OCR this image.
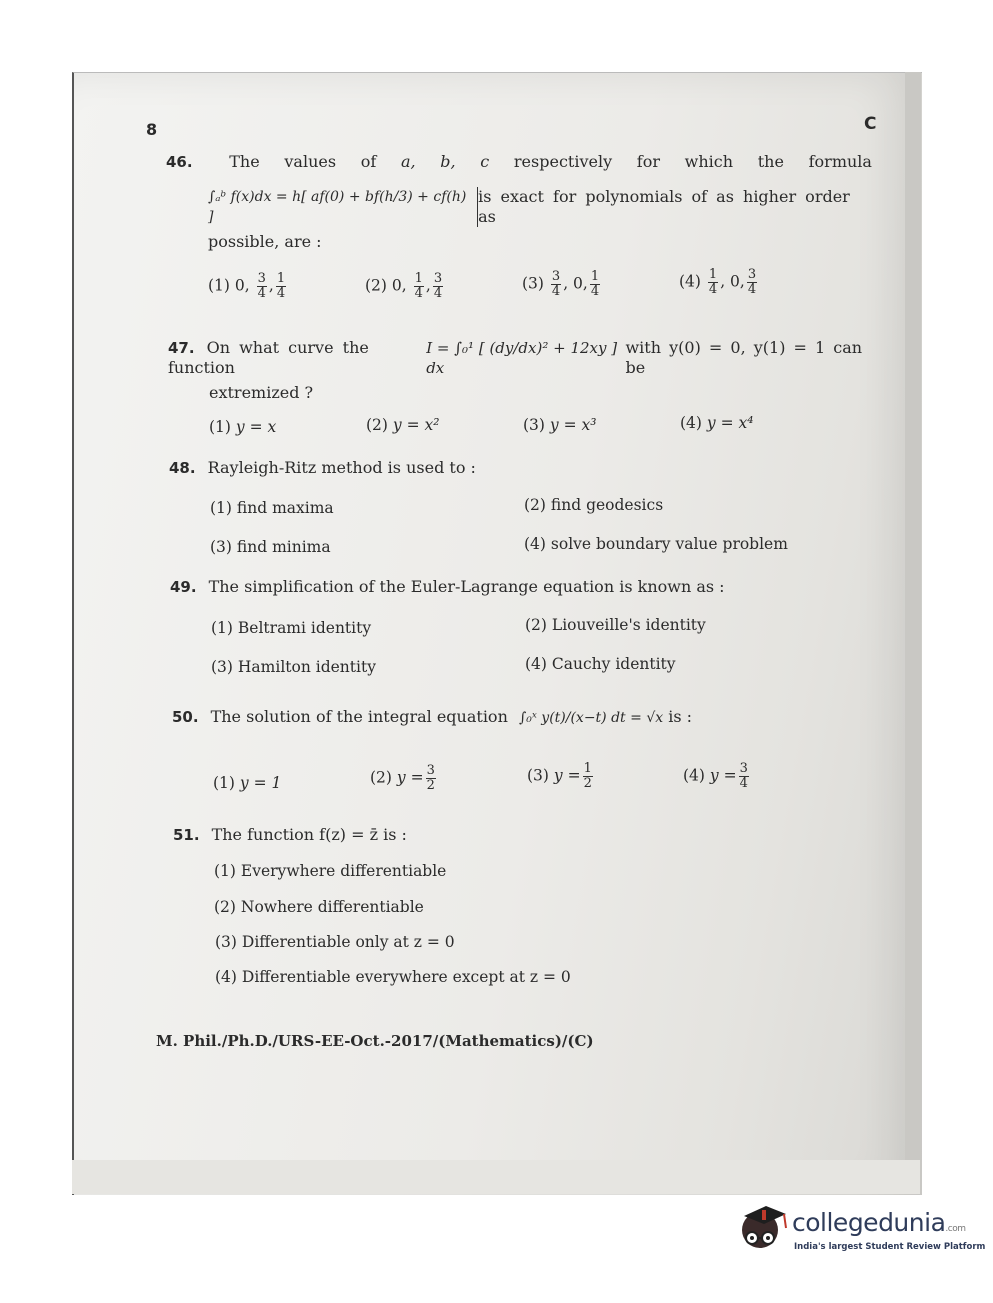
8	C
46. The values of a, b, c respectively for which the formula
∫ₐᵇ f(x)dx = h[ af(0) + bf(h/3) + cf(h) ]
is exact for polynomials of as higher order as
possible, are :
(1) 0, $\frac{3}{4}$ , $\frac{1}{4}$	(2) 0, $\frac{1}{4}$ , $\frac{3}{4}$	$(3) \frac{3}{4}$ , 0, $\frac{1}{4}$	$(4) \frac{1}{4}$ , 0, $\frac{3}{4}$
47. On what curve the function
I = ∫₀¹ [ (dy/dx)² + 12xy ] dx
with y(0) = 0, y(1) = 1 can be
extremized ?
(1) y = x	(2) y = x²	(3) y = x³	(4) y = x⁴
48. Rayleigh-Ritz method is used to :
(1) find maxima	(2) find geodesics
(3) find minima	(4) solve boundary value problem
49. The simplification of the Euler-Lagrange equation is known as :
(1) Beltrami identity	(2) Liouveille's identity
(3) Hamilton identity	(4) Cauchy identity
50. The solution of the integral equation ∫₀ˣ y(t)/(x−t) dt = √x is :
(1) y = 1	(2) $y = \frac{3}{2}$	(3) $y = \frac{1}{2}$	(4) $y = \frac{3}{4}$
51. The function f(z) = z̄ is :
(1) Everywhere differentiable
(2) Nowhere differentiable
(3) Differentiable only at z = 0
(4) Differentiable everywhere except at z = 0
M. Phil./Ph.D./URS-EE-Oct.-2017/(Mathematics)/(C)
collegedunia.com
India's largest Student Review Platform
